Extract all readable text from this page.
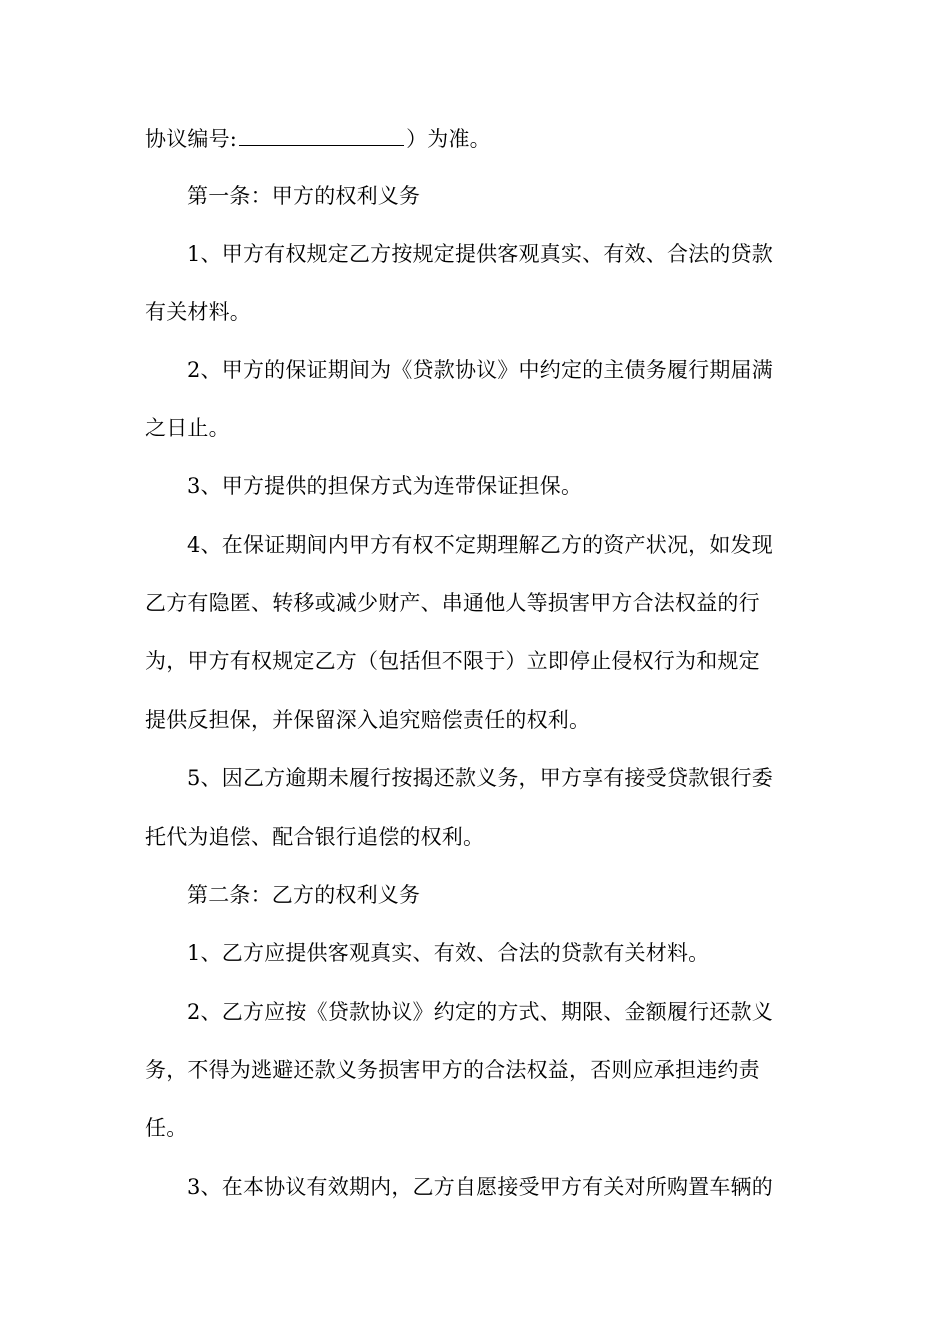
协议编号:	）为准。
第一条：甲方的权利义务
1、甲方有权规定乙方按规定提供客观真实、有效、合法的贷款
有关材料。
2、甲方的保证期间为《贷款协议》中约定的主债务履行期届满
之日止。
3、甲方提供的担保方式为连带保证担保。
4、在保证期间内甲方有权不定期理解乙方的资产状况，如发现
乙方有隐匿、转移或减少财产、串通他人等损害甲方合法权益的行
为，甲方有权规定乙方（包括但不限于）立即停止侵权行为和规定
提供反担保，并保留深入追究赔偿责任的权利。
5、因乙方逾期未履行按揭还款义务，甲方享有接受贷款银行委
托代为追偿、配合银行追偿的权利。
第二条：乙方的权利义务
1、乙方应提供客观真实、有效、合法的贷款有关材料。
2、乙方应按《贷款协议》约定的方式、期限、金额履行还款义
务，不得为逃避还款义务损害甲方的合法权益，否则应承担违约责
任。
3、在本协议有效期内，乙方自愿接受甲方有关对所购置车辆的
